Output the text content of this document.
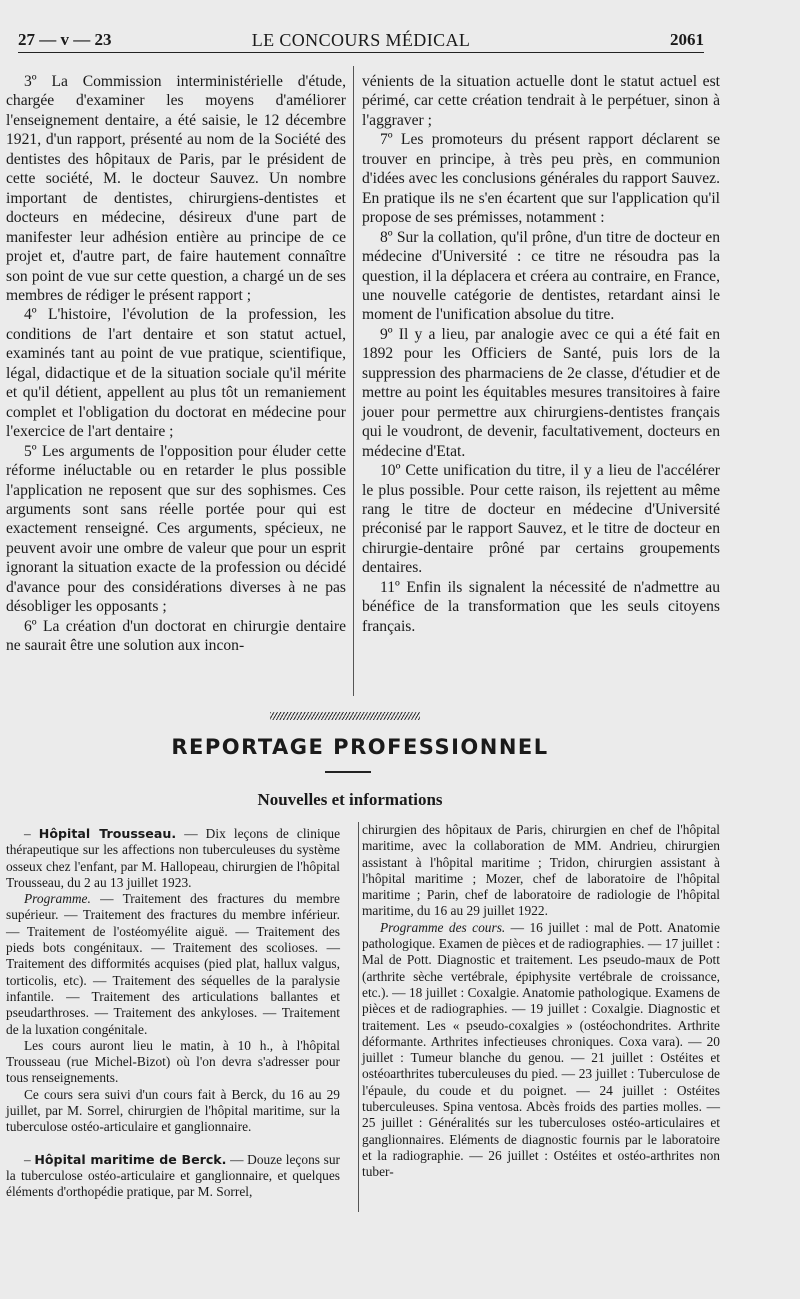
27 — v — 23	LE CONCOURS MÉDICAL	2061

3º La Commission interministérielle d'étude, chargée d'examiner les moyens d'améliorer l'enseignement dentaire, a été saisie, le 12 décembre 1921, d'un rapport, présenté au nom de la Société des dentistes des hôpitaux de Paris, par le président de cette société, M. le docteur Sauvez. Un nombre important de dentistes, chirurgiens-dentistes et docteurs en médecine, désireux d'une part de manifester leur adhésion entière au principe de ce projet et, d'autre part, de faire hautement connaître son point de vue sur cette question, a chargé un de ses membres de rédiger le présent rapport ;

4º L'histoire, l'évolution de la profession, les conditions de l'art dentaire et son statut actuel, examinés tant au point de vue pratique, scientifique, légal, didactique et de la situation sociale qu'il mérite et qu'il détient, appellent au plus tôt un remaniement complet et l'obligation du doctorat en médecine pour l'exercice de l'art dentaire ;

5º Les arguments de l'opposition pour éluder cette réforme inéluctable ou en retarder le plus possible l'application ne reposent que sur des sophismes. Ces arguments sont sans réelle portée pour qui est exactement renseigné. Ces arguments, spécieux, ne peuvent avoir une ombre de valeur que pour un esprit ignorant la situation exacte de la profession ou décidé d'avance pour des considérations diverses à ne pas désobliger les opposants ;

6º La création d'un doctorat en chirurgie dentaire ne saurait être une solution aux incon-

vénients de la situation actuelle dont le statut actuel est périmé, car cette création tendrait à le perpétuer, sinon à l'aggraver ;

7º Les promoteurs du présent rapport déclarent se trouver en principe, à très peu près, en communion d'idées avec les conclusions générales du rapport Sauvez. En pratique ils ne s'en écartent que sur l'application qu'il propose de ses prémisses, notamment :

8º Sur la collation, qu'il prône, d'un titre de docteur en médecine d'Université : ce titre ne résoudra pas la question, il la déplacera et créera au contraire, en France, une nouvelle catégorie de dentistes, retardant ainsi le moment de l'unification absolue du titre.

9º Il y a lieu, par analogie avec ce qui a été fait en 1892 pour les Officiers de Santé, puis lors de la suppression des pharmaciens de 2e classe, d'étudier et de mettre au point les équitables mesures transitoires à faire jouer pour permettre aux chirurgiens-dentistes français qui le voudront, de devenir, facultativement, docteurs en médecine d'Etat.

10º Cette unification du titre, il y a lieu de l'accélérer le plus possible. Pour cette raison, ils rejettent au même rang le titre de docteur en médecine d'Université préconisé par le rapport Sauvez, et le titre de docteur en chirurgie-dentaire prôné par certains groupements dentaires.

11º Enfin ils signalent la nécessité de n'admettre au bénéfice de la transformation que les seuls citoyens français.

REPORTAGE PROFESSIONNEL
Nouvelles et informations

– Hôpital Trousseau. — Dix leçons de clinique thérapeutique sur les affections non tuberculeuses du système osseux chez l'enfant, par M. Hallopeau, chirurgien de l'hôpital Trousseau, du 2 au 13 juillet 1923.

Programme. — Traitement des fractures du membre supérieur. — Traitement des fractures du membre inférieur. — Traitement de l'ostéomyélite aiguë. — Traitement des pieds bots congénitaux. — Traitement des scolioses. — Traitement des difformités acquises (pied plat, hallux valgus, torticolis, etc). — Traitement des séquelles de la paralysie infantile. — Traitement des articulations ballantes et pseudarthroses. — Traitement des ankyloses. — Traitement de la luxation congénitale.

Les cours auront lieu le matin, à 10 h., à l'hôpital Trousseau (rue Michel-Bizot) où l'on devra s'adresser pour tous renseignements.

Ce cours sera suivi d'un cours fait à Berck, du 16 au 29 juillet, par M. Sorrel, chirurgien de l'hôpital maritime, sur la tuberculose ostéo-articulaire et ganglionnaire.

– Hôpital maritime de Berck. — Douze leçons sur la tuberculose ostéo-articulaire et ganglionnaire, et quelques éléments d'orthopédie pratique, par M. Sorrel,

chirurgien des hôpitaux de Paris, chirurgien en chef de l'hôpital maritime, avec la collaboration de MM. Andrieu, chirurgien assistant à l'hôpital maritime ; Tridon, chirurgien assistant à l'hôpital maritime ; Mozer, chef de laboratoire de l'hôpital maritime ; Parin, chef de laboratoire de radiologie de l'hôpital maritime, du 16 au 29 juillet 1922.

Programme des cours. — 16 juillet : mal de Pott. Anatomie pathologique. Examen de pièces et de radiographies. — 17 juillet : Mal de Pott. Diagnostic et traitement. Les pseudo-maux de Pott (arthrite sèche vertébrale, épiphysite vertébrale de croissance, etc.). — 18 juillet : Coxalgie. Anatomie pathologique. Examens de pièces et de radiographies. — 19 juillet : Coxalgie. Diagnostic et traitement. Les « pseudo-coxalgies » (ostéochondrites. Arthrite déformante. Arthrites infectieuses chroniques. Coxa vara). — 20 juillet : Tumeur blanche du genou. — 21 juillet : Ostéites et ostéoarthrites tuberculeuses du pied. — 23 juillet : Tuberculose de l'épaule, du coude et du poignet. — 24 juillet : Ostéites tuberculeuses. Spina ventosa. Abcès froids des parties molles. — 25 juillet : Généralités sur les tuberculoses ostéo-articulaires et ganglionnaires. Eléments de diagnostic fournis par le laboratoire et la radiographie. — 26 juillet : Ostéites et ostéo-arthrites non tuber-
